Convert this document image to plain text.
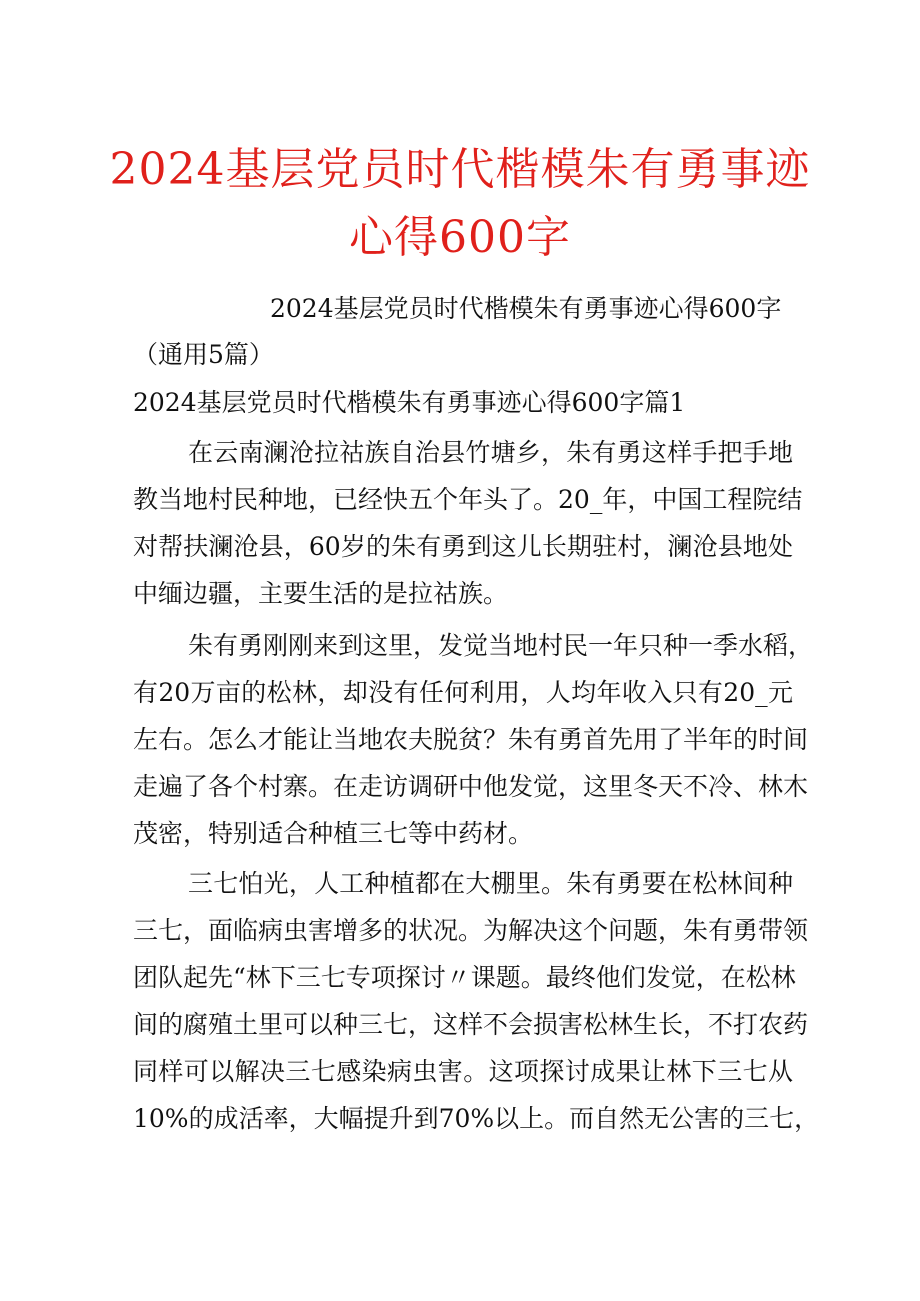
2024基层党员时代楷模朱有勇事迹
心得600字

2024基层党员时代楷模朱有勇事迹心得600字

（通用5篇）

2024基层党员时代楷模朱有勇事迹心得600字篇1

在云南澜沧拉祜族自治县竹塘乡，朱有勇这样手把手地
教当地村民种地，已经快五个年头了。20_年，中国工程院结
对帮扶澜沧县，60岁的朱有勇到这儿长期驻村，澜沧县地处
中缅边疆，主要生活的是拉祜族。
朱有勇刚刚来到这里，发觉当地村民一年只种一季水稻，
有20万亩的松林，却没有任何利用，人均年收入只有20_元
左右。怎么才能让当地农夫脱贫？朱有勇首先用了半年的时间
走遍了各个村寨。在走访调研中他发觉，这里冬天不冷、林木
茂密，特别适合种植三七等中药材。
三七怕光，人工种植都在大棚里。朱有勇要在松林间种
三七，面临病虫害增多的状况。为解决这个问题，朱有勇带领
团队起先“林下三七专项探讨〃课题。最终他们发觉，在松林
间的腐殖土里可以种三七，这样不会损害松林生长，不打农药
同样可以解决三七感染病虫害。这项探讨成果让林下三七从
10%的成活率，大幅提升到70%以上。而自然无公害的三七，
